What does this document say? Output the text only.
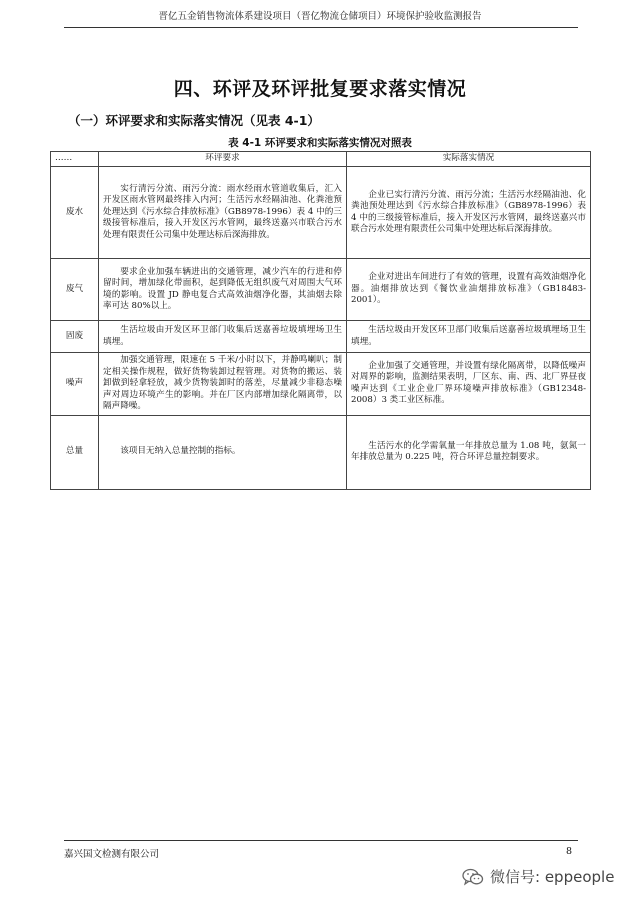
晋亿五金销售物流体系建设项目（晋亿物流仓储项目）环境保护验收监测报告
四、环评及环评批复要求落实情况
（一）环评要求和实际落实情况（见表 4-1）
表 4-1 环评要求和实际落实情况对照表
……	环评要求	实际落实情况
废水	实行清污分流、雨污分流：雨水经雨水管道收集后，汇入开发区雨水管网最终排入内河；生活污水经隔油池、化粪池预处理达到《污水综合排放标准》（GB8978-1996）表 4 中的三级接管标准后，接入开发区污水管网，最终送嘉兴市联合污水处理有限责任公司集中处理达标后深海排放。	企业已实行清污分流、雨污分流；生活污水经隔油池、化粪池预处理达到《污水综合排放标准》（GB8978-1996）表 4 中的三级接管标准后，接入开发区污水管网，最终送嘉兴市联合污水处理有限责任公司集中处理达标后深海排放。
废气	要求企业加强车辆进出的交通管理，减少汽车的行进和停留时间，增加绿化带面积，起到降低无组织废气对周围大气环境的影响。设置 JD 静电复合式高效油烟净化器，其油烟去除率可达 80%以上。	企业对进出车间进行了有效的管理，设置有高效油烟净化器。油烟排放达到《餐饮业油烟排放标准》（GB18483-2001）。
固废	生活垃圾由开发区环卫部门收集后送嘉善垃圾填埋场卫生填埋。	生活垃圾由开发区环卫部门收集后送嘉善垃圾填埋场卫生填埋。
噪声	加强交通管理，限速在 5 千米/小时以下，并静鸣喇叭；制定相关操作规程，做好货物装卸过程管理。对货物的搬运、装卸做到轻拿轻放，减少货物装卸时的落差，尽量减少非稳态噪声对周边环境产生的影响。并在厂区内部增加绿化隔离带，以隔声降噪。	企业加强了交通管理，并设置有绿化隔离带，以降低噪声对周界的影响，监测结果表明，厂区东、南、西、北厂界昼夜噪声达到《工业企业厂界环境噪声排放标准》（GB12348-2008）3 类工业区标准。
总量	该项目无纳入总量控制的指标。	生活污水的化学需氧量一年排放总量为 1.08 吨，氨氮一年排放总量为 0.225 吨，符合环评总量控制要求。
嘉兴国文检测有限公司	8
微信号: eppeople
